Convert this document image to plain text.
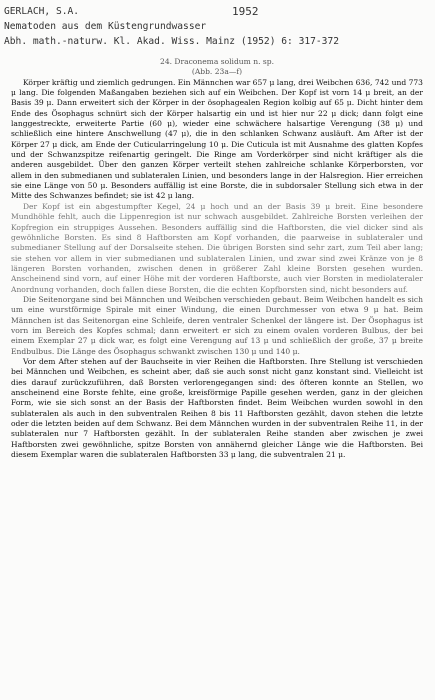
GERLACH, S.A.	1952
Nematoden aus dem Küstengrundwasser
Abh. math.-naturw. Kl. Akad. Wiss. Mainz (1952) 6: 317-372
24. Draconema solidum n. sp.
(Abb. 23a—f)

Körper kräftig und ziemlich gedrungen. Ein Männchen war 657 μ lang, drei Weibchen 636, 742 und 773 μ lang. Die folgenden Maßangaben beziehen sich auf ein Weibchen. Der Kopf ist vorn 14 μ breit, an der Basis 39 μ. Dann erweitert sich der Körper in der ösophagealen Region kolbig auf 65 μ. Dicht hinter dem Ende des Ösophagus schnürt sich der Körper halsartig ein und ist hier nur 22 μ dick; dann folgt eine langgestreckte, erweiterte Partie (60 μ), wieder eine schwächere halsartige Verengung (38 μ) und schließlich eine hintere Anschwellung (47 μ), die in den schlanken Schwanz ausläuft. Am After ist der Körper 27 μ dick, am Ende der Cuticularringelung 10 μ. Die Cuticula ist mit Ausnahme des glatten Kopfes und der Schwanzspitze reifenartig geringelt. Die Ringe am Vorderkörper sind nicht kräftiger als die anderen ausgebildet. Über den ganzen Körper verteilt stehen zahlreiche schlanke Körperborsten, vor allem in den submedianen und sublateralen Linien, und besonders lange in der Halsregion. Hier erreichen sie eine Länge von 50 μ. Besonders auffällig ist eine Borste, die in subdorsaler Stellung sich etwa in der Mitte des Schwanzes befindet; sie ist 42 μ lang.

Der Kopf ist ein abgestumpfter Kegel, 24 μ hoch und an der Basis 39 μ breit. Eine besondere Mundhöhle fehlt, auch die Lippenregion ist nur schwach ausgebildet. Zahlreiche Borsten verleihen der Kopfregion ein struppiges Aussehen. Besonders auffällig sind die Haftborsten, die viel dicker sind als gewöhnliche Borsten. Es sind 8 Haftborsten am Kopf vorhanden, die paarweise in sublateraler und submedianer Stellung auf der Dorsalseite stehen. Die übrigen Borsten sind sehr zart, zum Teil aber lang; sie stehen vor allem in vier submedianen und sublateralen Linien, und zwar sind zwei Kränze von je 8 längeren Borsten vorhanden, zwischen denen in größerer Zahl kleine Borsten gesehen wurden. Anscheinend sind vorn, auf einer Höhe mit der vorderen Haftborste, auch vier Borsten in mediolateraler Anordnung vorhanden, doch fallen diese Borsten, die die echten Kopfborsten sind, nicht besonders auf.

Die Seitenorgane sind bei Männchen und Weibchen verschieden gebaut. Beim Weibchen handelt es sich um eine wurstförmige Spirale mit einer Windung, die einen Durchmesser von etwa 9 μ hat. Beim Männchen ist das Seitenorgan eine Schleife, deren ventraler Schenkel der längere ist. Der Ösophagus ist vorn im Bereich des Kopfes schmal; dann erweitert er sich zu einem ovalen vorderen Bulbus, der bei einem Exemplar 27 μ dick war, es folgt eine Verengung auf 13 μ und schließlich der große, 37 μ breite Endbulbus. Die Länge des Ösophagus schwankt zwischen 130 μ und 140 μ.

Vor dem After stehen auf der Bauchseite in vier Reihen die Haftborsten. Ihre Stellung ist verschieden bei Männchen und Weibchen, es scheint aber, daß sie auch sonst nicht ganz konstant sind. Vielleicht ist dies darauf zurückzuführen, daß Borsten verlorengegangen sind: des öfteren konnte an Stellen, wo anscheinend eine Borste fehlte, eine große, kreisförmige Papille gesehen werden, ganz in der gleichen Form, wie sie sich sonst an der Basis der Haftborsten findet. Beim Weibchen wurden sowohl in den sublateralen als auch in den subventralen Reihen 8 bis 11 Haftborsten gezählt, davon stehen die letzte oder die letzten beiden auf dem Schwanz. Bei dem Männchen wurden in der subventralen Reihe 11, in der sublateralen nur 7 Haftborsten gezählt. In der sublateralen Reihe standen aber zwischen je zwei Haftborsten zwei gewöhnliche, spitze Borsten von annähernd gleicher Länge wie die Haftborsten. Bei diesem Exemplar waren die sublateralen Haftborsten 33 μ lang, die subventralen 21 μ.
